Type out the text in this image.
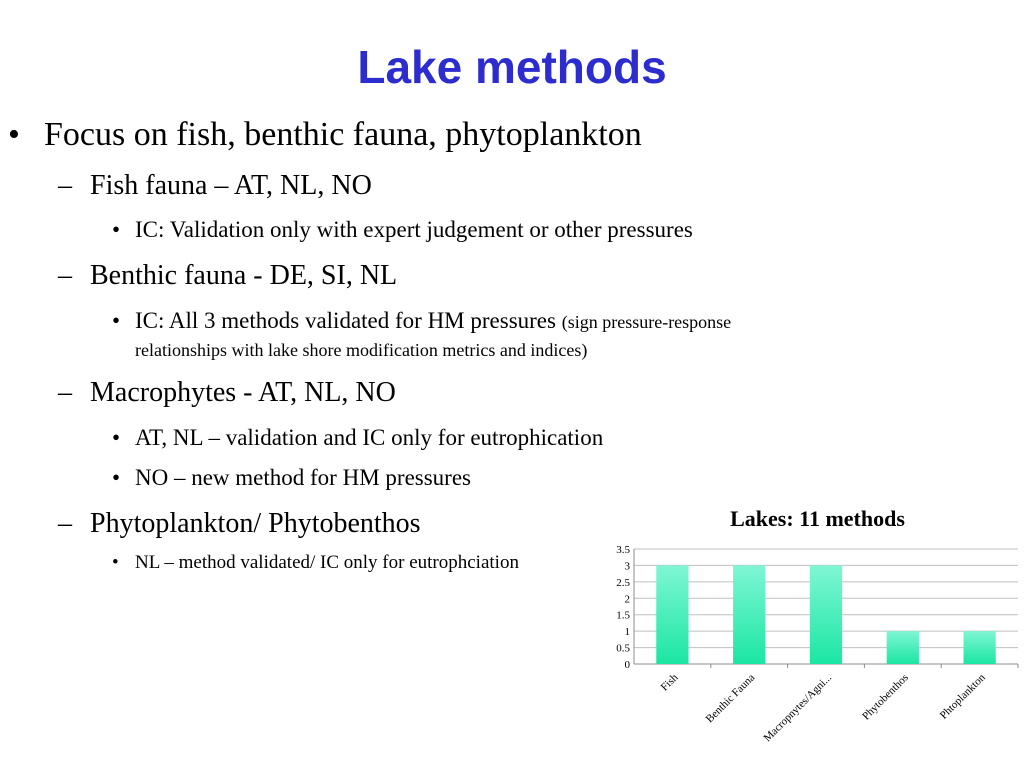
Lake methods
• Focus on fish, benthic fauna, phytoplankton
– Fish fauna – AT, NL, NO
• IC: Validation only with expert judgement or other pressures
– Benthic fauna - DE, SI, NL
• IC: All 3 methods validated for HM pressures (sign pressure-response
relationships with lake shore modification metrics and indices)
– Macrophytes - AT, NL, NO
• AT, NL – validation and IC only for eutrophication
• NO – new method for HM pressures
– Phytoplankton/ Phytobenthos
• NL – method validated/ IC only for eutrophciation
Lakes: 11 methods
0
0.5
1
1.5
2
2.5
3
3.5
Fish Benthic Fauna Macropnytes/Agni... Phytobenthos Phtoplankton
